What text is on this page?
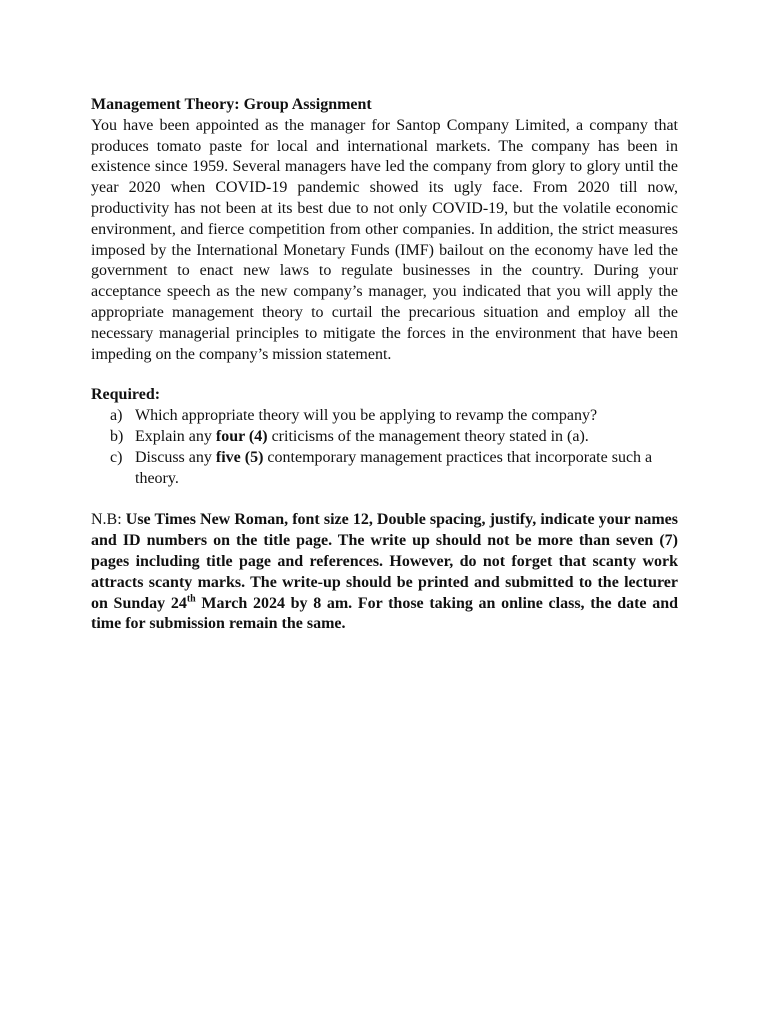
Management Theory: Group Assignment

You have been appointed as the manager for Santop Company Limited, a company that produces tomato paste for local and international markets. The company has been in existence since 1959. Several managers have led the company from glory to glory until the year 2020 when COVID-19 pandemic showed its ugly face. From 2020 till now, productivity has not been at its best due to not only COVID-19, but the volatile economic environment, and fierce competition from other companies. In addition, the strict measures imposed by the International Monetary Funds (IMF) bailout on the economy have led the government to enact new laws to regulate businesses in the country. During your acceptance speech as the new company’s manager, you indicated that you will apply the appropriate management theory to curtail the precarious situation and employ all the necessary managerial principles to mitigate the forces in the environment that have been impeding on the company’s mission statement.

Required:

a) Which appropriate theory will you be applying to revamp the company?
b) Explain any four (4) criticisms of the management theory stated in (a).
c) Discuss any five (5) contemporary management practices that incorporate such a theory.

N.B: Use Times New Roman, font size 12, Double spacing, justify, indicate your names and ID numbers on the title page. The write up should not be more than seven (7) pages including title page and references. However, do not forget that scanty work attracts scanty marks. The write-up should be printed and submitted to the lecturer on Sunday 24th March 2024 by 8 am. For those taking an online class, the date and time for submission remain the same.
